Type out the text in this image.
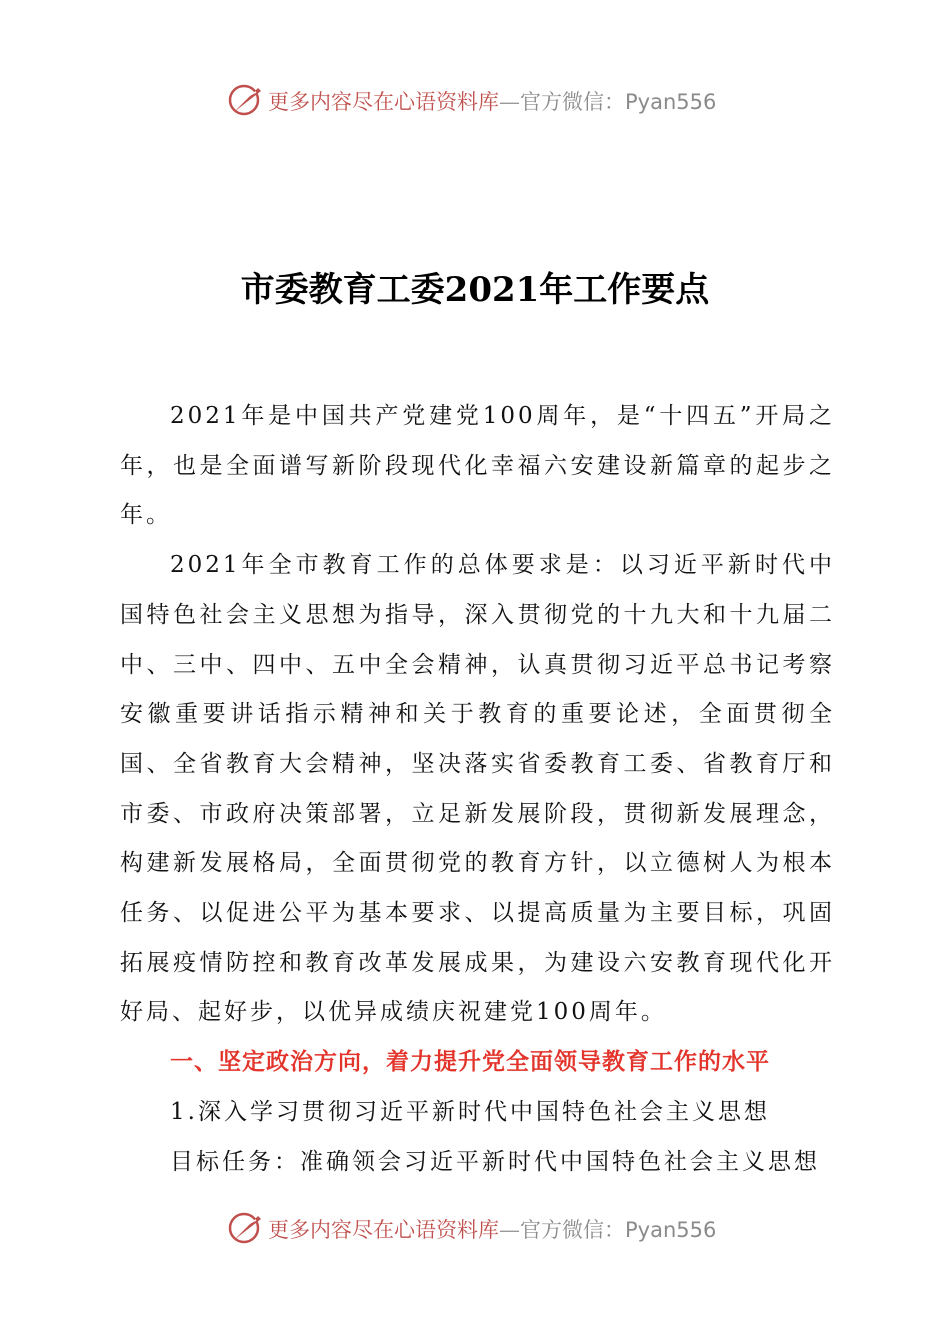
更多内容尽在心语资料库—官方微信：Pyan556
市委教育工委2021年工作要点

2021年是中国共产党建党100周年，是“十四五”开局之年，也是全面谱写新阶段现代化幸福六安建设新篇章的起步之年。

2021年全市教育工作的总体要求是：以习近平新时代中国特色社会主义思想为指导，深入贯彻党的十九大和十九届二中、三中、四中、五中全会精神，认真贯彻习近平总书记考察安徽重要讲话指示精神和关于教育的重要论述，全面贯彻全国、全省教育大会精神，坚决落实省委教育工委、省教育厅和市委、市政府决策部署，立足新发展阶段，贯彻新发展理念，构建新发展格局，全面贯彻党的教育方针，以立德树人为根本任务、以促进公平为基本要求、以提高质量为主要目标，巩固拓展疫情防控和教育改革发展成果，为建设六安教育现代化开好局、起好步，以优异成绩庆祝建党100周年。

一、坚定政治方向，着力提升党全面领导教育工作的水平

1.深入学习贯彻习近平新时代中国特色社会主义思想

目标任务：准确领会习近平新时代中国特色社会主义思想

更多内容尽在心语资料库—官方微信：Pyan556
